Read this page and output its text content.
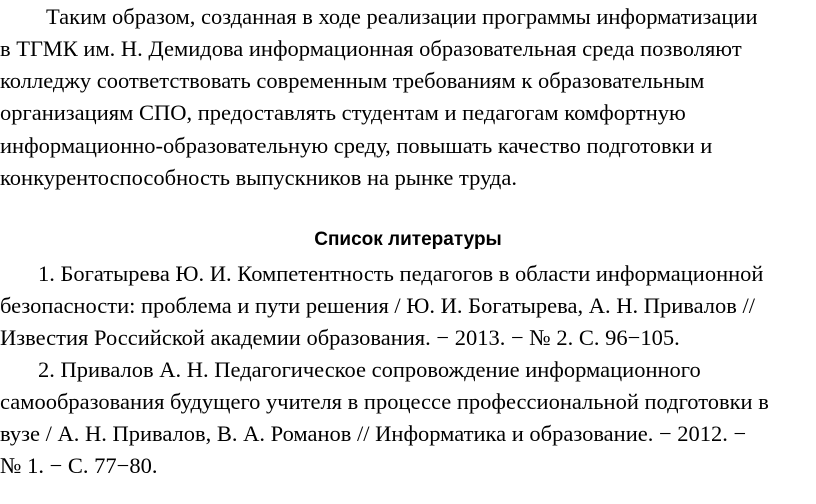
Таким образом, созданная в ходе реализации программы информатизации
в ТГМК им. Н. Демидова информационная образовательная среда позволяют
колледжу соответствовать современным требованиям к образовательным
организациям СПО, предоставлять студентам и педагогам комфортную
информационно-образовательную среду, повышать качество подготовки и
конкурентоспособность выпускников на рынке труда.
Список литературы
1. Богатырева Ю. И. Компетентность педагогов в области информационной
безопасности: проблема и пути решения / Ю. И. Богатырева, А. Н. Привалов //
Известия Российской академии образования. − 2013. − № 2. С. 96−105.
2. Привалов А. Н. Педагогическое сопровождение информационного
самообразования будущего учителя в процессе профессиональной подготовки в
вузе / А. Н. Привалов, В. А. Романов // Информатика и образование. − 2012. −
№ 1. − С. 77−80.
